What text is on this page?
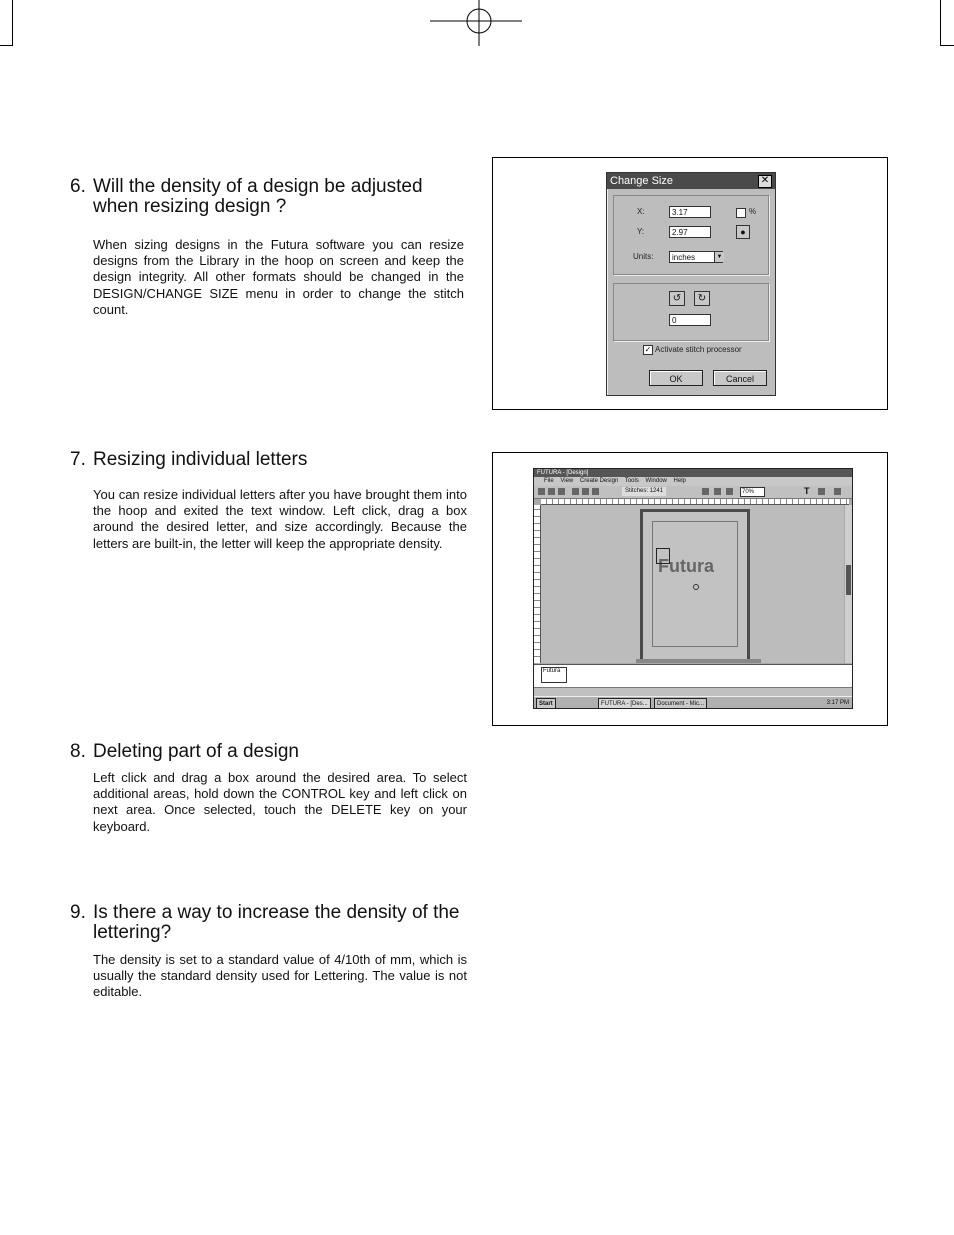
6. Will the density of a design be adjusted when resizing design ?

When sizing designs in the Futura software you can resize designs from the Library in the hoop on screen and keep the design integrity. All other formats should be changed in the DESIGN/CHANGE SIZE menu in order to change the stitch count.

7. Resizing individual letters

You can resize individual letters after you have brought them into the hoop and exited the text window. Left click, drag a box around the desired letter, and size accordingly. Because the letters are built-in, the letter will keep the appropriate density.

8. Deleting part of a design

Left click and drag a box around the desired area. To select additional areas, hold down the CONTROL key and left click on next area. Once selected, touch the DELETE key on your keyboard.

9. Is there a way to increase the density of the lettering?

The density is set to a standard value of 4/10th of mm, which is usually the standard density used for Lettering. The value is not editable.

Change Size	✕
X:	3.17	%
Y:	2.97	●
Units:	inches	▼
↺	↻
0
✓ Activate stitch processor
OK	Cancel
FUTURA - [Design]
File View Create Design Tools Window Help
Stitches: 1241	70%	T
Futura
Futura
Start	FUTURA - [Des...	Document - Mic...	3:17 PM
